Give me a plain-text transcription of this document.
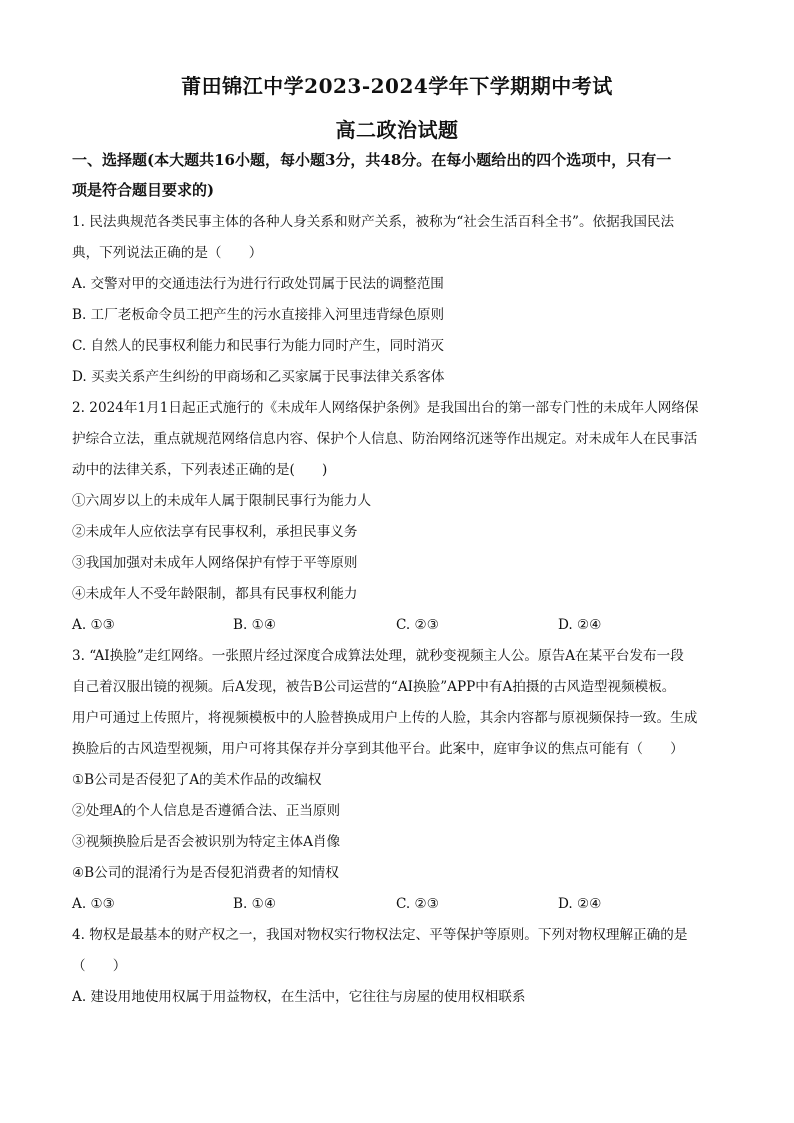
莆田锦江中学2023-2024学年下学期期中考试
高二政治试题
一、选择题(本大题共16小题，每小题3分，共48分。在每小题给出的四个选项中，只有一
项是符合题目要求的)
1. 民法典规范各类民事主体的各种人身关系和财产关系，被称为“社会生活百科全书”。依据我国民法
典，下列说法正确的是（　　）
A. 交警对甲的交通违法行为进行行政处罚属于民法的调整范围
B. 工厂老板命令员工把产生的污水直接排入河里违背绿色原则
C. 自然人的民事权利能力和民事行为能力同时产生，同时消灭
D. 买卖关系产生纠纷的甲商场和乙买家属于民事法律关系客体
2. 2024年1月1日起正式施行的《未成年人网络保护条例》是我国出台的第一部专门性的未成年人网络保
护综合立法，重点就规范网络信息内容、保护个人信息、防治网络沉迷等作出规定。对未成年人在民事活
动中的法律关系，下列表述正确的是(　　)
①六周岁以上的未成年人属于限制民事行为能力人
②未成年人应依法享有民事权利，承担民事义务
③我国加强对未成年人网络保护有悖于平等原则
④未成年人不受年龄限制，都具有民事权利能力
A. ①③	B. ①④	C. ②③	D. ②④
3. “AI换脸”走红网络。一张照片经过深度合成算法处理，就秒变视频主人公。原告A在某平台发布一段
自己着汉服出镜的视频。后A发现，被告B公司运营的“AI换脸”APP中有A拍摄的古风造型视频模板。
用户可通过上传照片，将视频模板中的人脸替换成用户上传的人脸，其余内容都与原视频保持一致。生成
换脸后的古风造型视频，用户可将其保存并分享到其他平台。此案中，庭审争议的焦点可能有（　　）
①B公司是否侵犯了A的美术作品的改编权
②处理A的个人信息是否遵循合法、正当原则
③视频换脸后是否会被识别为特定主体A肖像
④B公司的混淆行为是否侵犯消费者的知情权
A. ①③	B. ①④	C. ②③	D. ②④
4. 物权是最基本的财产权之一，我国对物权实行物权法定、平等保护等原则。下列对物权理解正确的是
（　　）
A. 建设用地使用权属于用益物权，在生活中，它往往与房屋的使用权相联系
